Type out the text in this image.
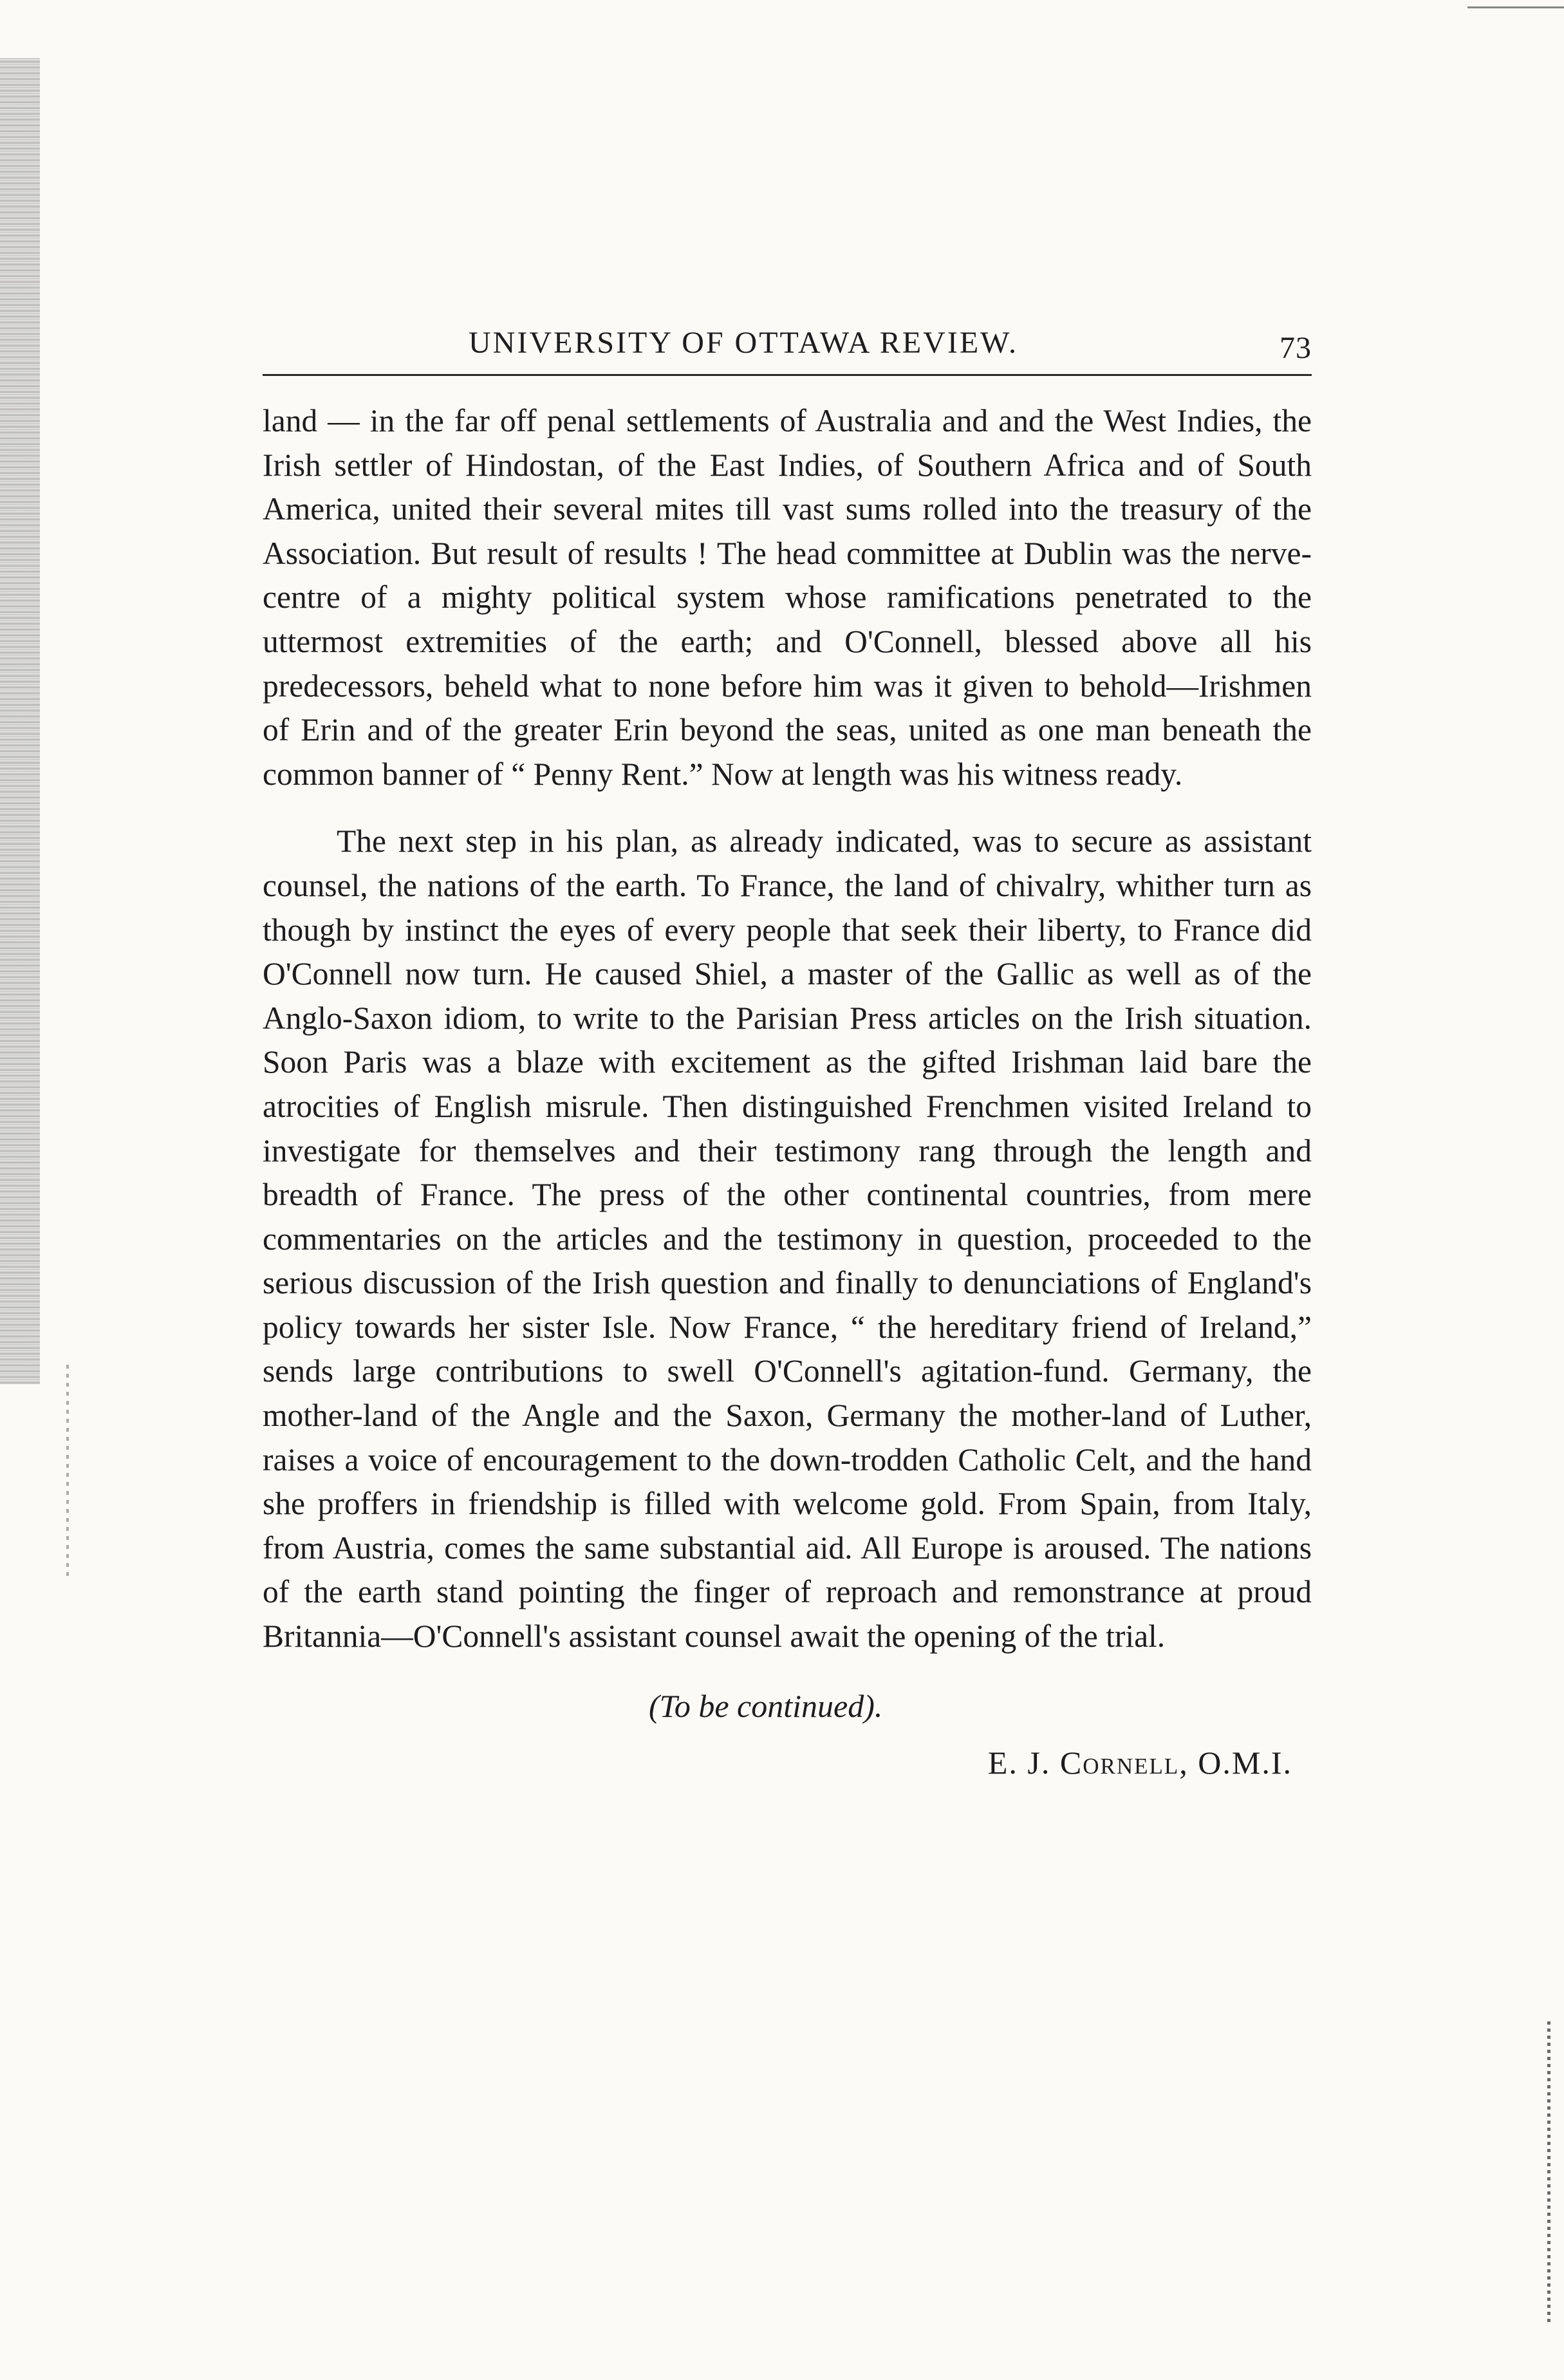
UNIVERSITY OF OTTAWA REVIEW.	73

land — in the far off penal settlements of Australia and and the West Indies, the Irish settler of Hindostan, of the East Indies, of Southern Africa and of South America, united their several mites till vast sums rolled into the treasury of the Association. But result of results ! The head committee at Dublin was the nerve-centre of a mighty political system whose ramifications penetrated to the uttermost extremities of the earth; and O'Connell, blessed above all his predecessors, beheld what to none before him was it given to behold—Irishmen of Erin and of the greater Erin beyond the seas, united as one man beneath the common banner of “ Penny Rent.” Now at length was his witness ready.

The next step in his plan, as already indicated, was to secure as assistant counsel, the nations of the earth. To France, the land of chivalry, whither turn as though by instinct the eyes of every people that seek their liberty, to France did O'Connell now turn. He caused Shiel, a master of the Gallic as well as of the Anglo-Saxon idiom, to write to the Parisian Press articles on the Irish situation. Soon Paris was a blaze with excitement as the gifted Irishman laid bare the atrocities of English misrule. Then distinguished Frenchmen visited Ireland to investigate for themselves and their testimony rang through the length and breadth of France. The press of the other continental countries, from mere commentaries on the articles and the testimony in question, proceeded to the serious discussion of the Irish question and finally to denunciations of England's policy towards her sister Isle. Now France, “ the hereditary friend of Ireland,” sends large contributions to swell O'Connell's agitation-fund. Germany, the mother-land of the Angle and the Saxon, Germany the mother-land of Luther, raises a voice of encouragement to the down-trodden Catholic Celt, and the hand she proffers in friendship is filled with welcome gold. From Spain, from Italy, from Austria, comes the same substantial aid. All Europe is aroused. The nations of the earth stand pointing the finger of reproach and remonstrance at proud Britannia—O'Connell's assistant counsel await the opening of the trial.

(To be continued).
E. J. Cornell, O.M.I.
